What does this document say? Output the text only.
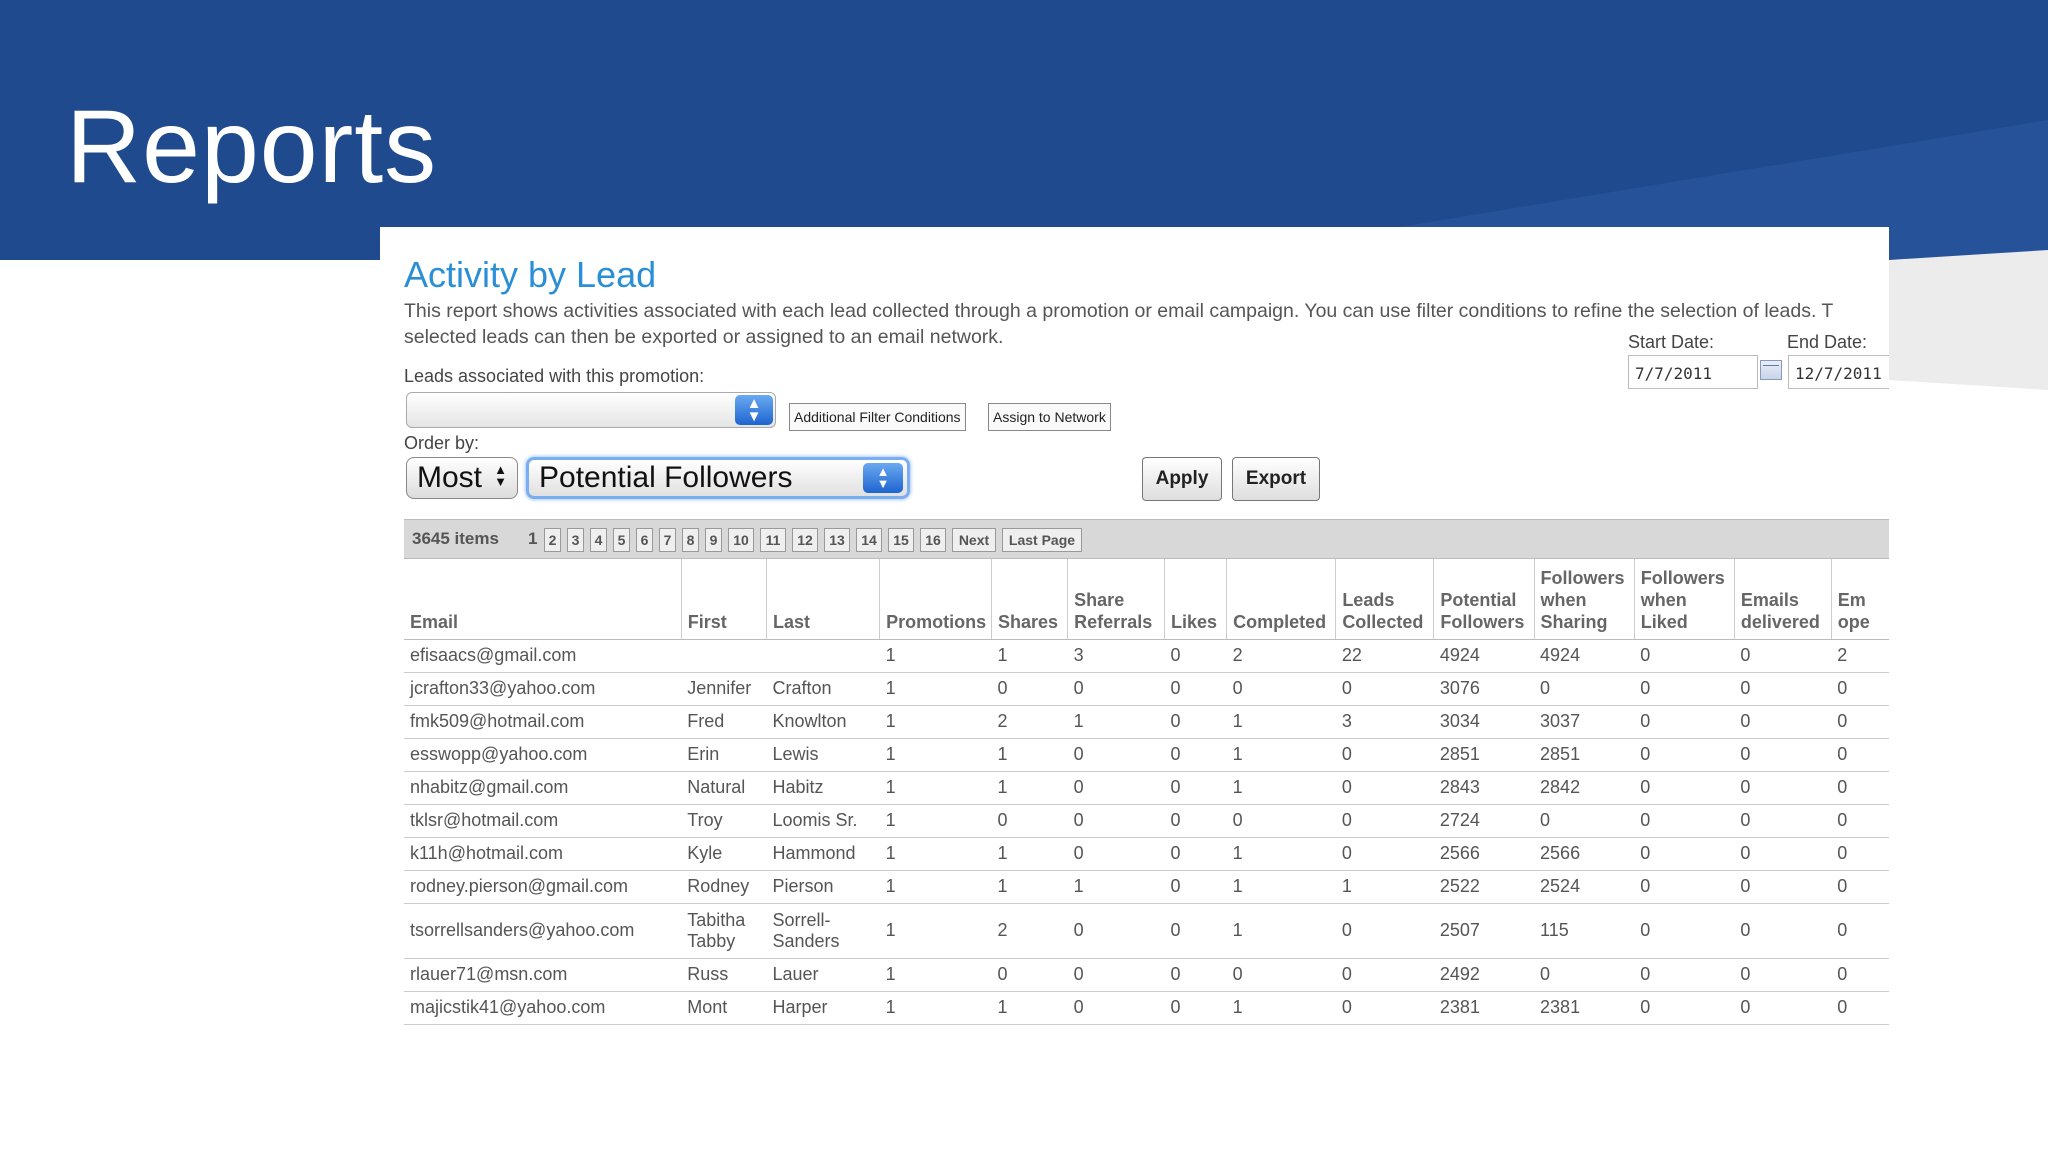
Reports
Activity by Lead
This report shows activities associated with each lead collected through a promotion or email campaign. You can use filter conditions to refine the selection of leads. T
selected leads can then be exported or assigned to an email network.	Start Date:	End Date:
7/7/2011	12/7/2011
Leads associated with this promotion:
▲
▼	Additional Filter Conditions	Assign to Network
Order by:
Most ▲
▼	Potential Followers	▲
▼	Apply	Export
3645 items 1 2	3	4	5	6	7	8	9	10	11	12	13	14	15	16	Next	Last Page
Email	First	Last	Promotions	Shares	Share Referrals	Likes	Completed	Leads Collected	Potential Followers	Followers when Sharing	Followers when Liked	Emails delivered	Em ope
efisaacs@gmail.com			1	1	3	0	2	22	4924	4924	0	0	2
jcrafton33@yahoo.com	Jennifer	Crafton	1	0	0	0	0	0	3076	0	0	0	0
fmk509@hotmail.com	Fred	Knowlton	1	2	1	0	1	3	3034	3037	0	0	0
esswopp@yahoo.com	Erin	Lewis	1	1	0	0	1	0	2851	2851	0	0	0
nhabitz@gmail.com	Natural	Habitz	1	1	0	0	1	0	2843	2842	0	0	0
tklsr@hotmail.com	Troy	Loomis Sr.	1	0	0	0	0	0	2724	0	0	0	0
k11h@hotmail.com	Kyle	Hammond	1	1	0	0	1	0	2566	2566	0	0	0
rodney.pierson@gmail.com	Rodney	Pierson	1	1	1	0	1	1	2522	2524	0	0	0
tsorrellsanders@yahoo.com	Tabitha Tabby	Sorrell-Sanders	1	2	0	0	1	0	2507	115	0	0	0
rlauer71@msn.com	Russ	Lauer	1	0	0	0	0	0	2492	0	0	0	0
majicstik41@yahoo.com	Mont	Harper	1	1	0	0	1	0	2381	2381	0	0	0
